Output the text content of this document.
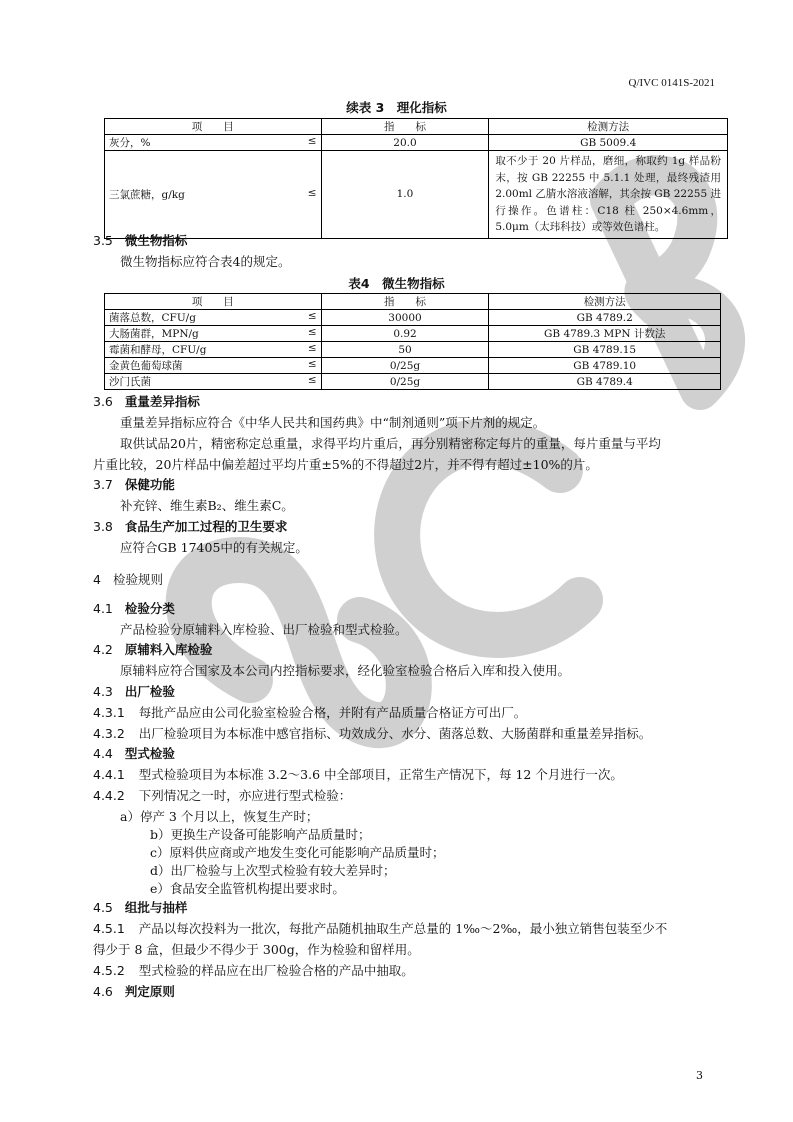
Q/IVC 0141S-2021
续表 3　理化指标
项　　目	指　　标	检测方法
灰分，% ≤	20.0	GB 5009.4
三氯蔗糖，g/kg ≤	1.0	取不少于 20 片样品，磨细，称取约 1g 样品粉末，按 GB 22255 中 5.1.1 处理，最终残渣用 2.00ml 乙腈水溶液溶解，其余按 GB 22255 进行操作。色谱柱：C18 柱 250×4.6mm，5.0μm（太玮科技）或等效色谱柱。
3.5 微生物指标
微生物指标应符合表4的规定。
表4　微生物指标
项　　目	指　　标	检测方法
菌落总数，CFU/g ≤	30000	GB 4789.2
大肠菌群，MPN/g ≤	0.92	GB 4789.3 MPN 计数法
霉菌和酵母，CFU/g ≤	50	GB 4789.15
金黄色葡萄球菌 ≤	0/25g	GB 4789.10
沙门氏菌 ≤	0/25g	GB 4789.4
3.6 重量差异指标
重量差异指标应符合《中华人民共和国药典》中“制剂通则”项下片剂的规定。
取供试品20片，精密称定总重量，求得平均片重后，再分别精密称定每片的重量，每片重量与平均
片重比较，20片样品中偏差超过平均片重±5%的不得超过2片，并不得有超过±10%的片。
3.7 保健功能
补充锌、维生素B₂、维生素C。
3.8 食品生产加工过程的卫生要求
应符合GB 17405中的有关规定。
4 检验规则
4.1 检验分类
产品检验分原辅料入库检验、出厂检验和型式检验。
4.2 原辅料入库检验
原辅料应符合国家及本公司内控指标要求，经化验室检验合格后入库和投入使用。
4.3 出厂检验
4.3.1 每批产品应由公司化验室检验合格，并附有产品质量合格证方可出厂。
4.3.2 出厂检验项目为本标准中感官指标、功效成分、水分、菌落总数、大肠菌群和重量差异指标。
4.4 型式检验
4.4.1 型式检验项目为本标准 3.2～3.6 中全部项目，正常生产情况下，每 12 个月进行一次。
4.4.2 下列情况之一时，亦应进行型式检验：
a）停产 3 个月以上，恢复生产时；
b）更换生产设备可能影响产品质量时；
c）原料供应商或产地发生变化可能影响产品质量时；
d）出厂检验与上次型式检验有较大差异时；
e）食品安全监管机构提出要求时。
4.5 组批与抽样
4.5.1 产品以每次投料为一批次，每批产品随机抽取生产总量的 1‰～2‰，最小独立销售包装至少不
得少于 8 盒，但最少不得少于 300g，作为检验和留样用。
4.5.2 型式检验的样品应在出厂检验合格的产品中抽取。
4.6 判定原则
3
